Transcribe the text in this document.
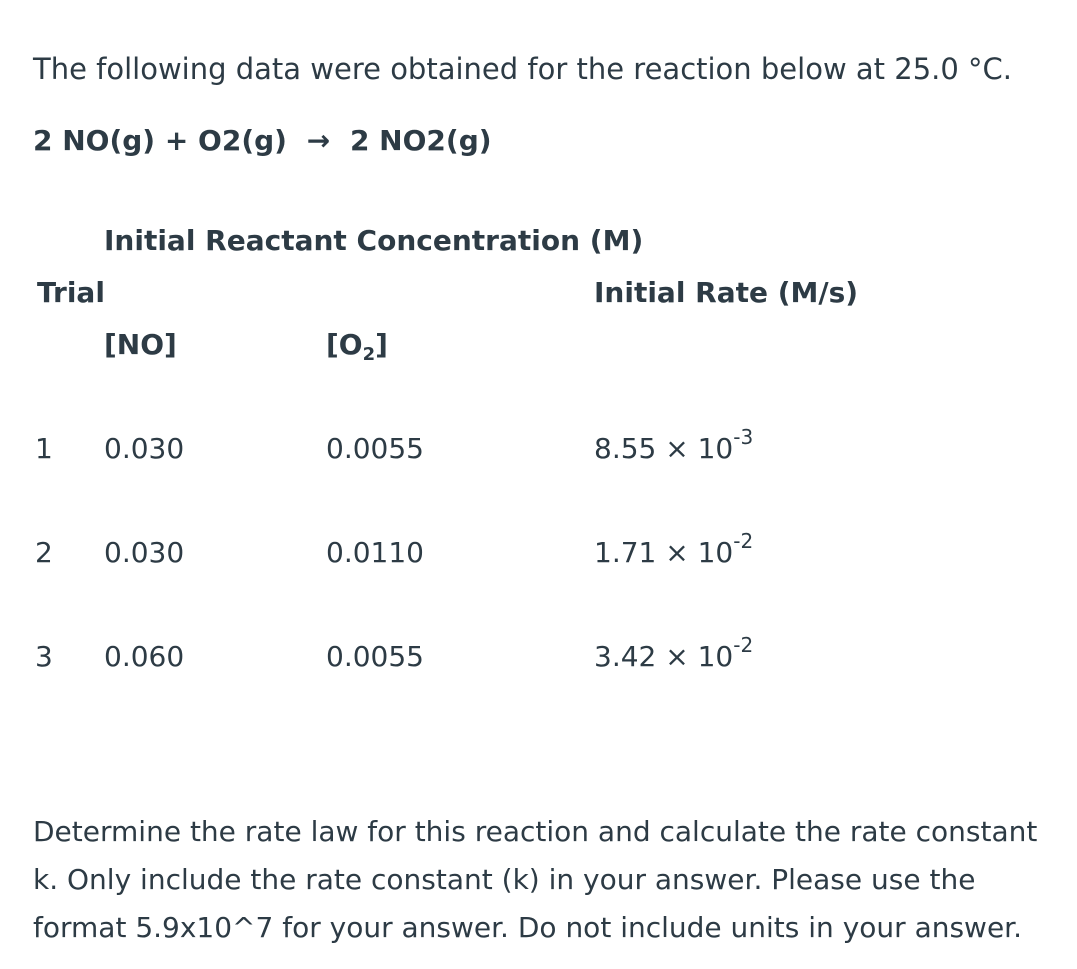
The following data were obtained for the reaction below at 25.0 °C.
2 NO(g) + O2(g) → 2 NO2(g)
Initial Reactant Concentration (M)
Trial	Initial Rate (M/s)
[NO]	$[O_2]$
1 0.030	0.0055	$8.55 \times 10^{-3}$
2 0.030	0.0110	$1.71 \times 10^{-2}$
3 0.060	0.0055	$3.42 \times 10^{-2}$
Determine the rate law for this reaction and calculate the rate constant k. Only include the rate constant (k) in your answer. Please use the format 5.9x10^7 for your answer. Do not include units in your answer.
